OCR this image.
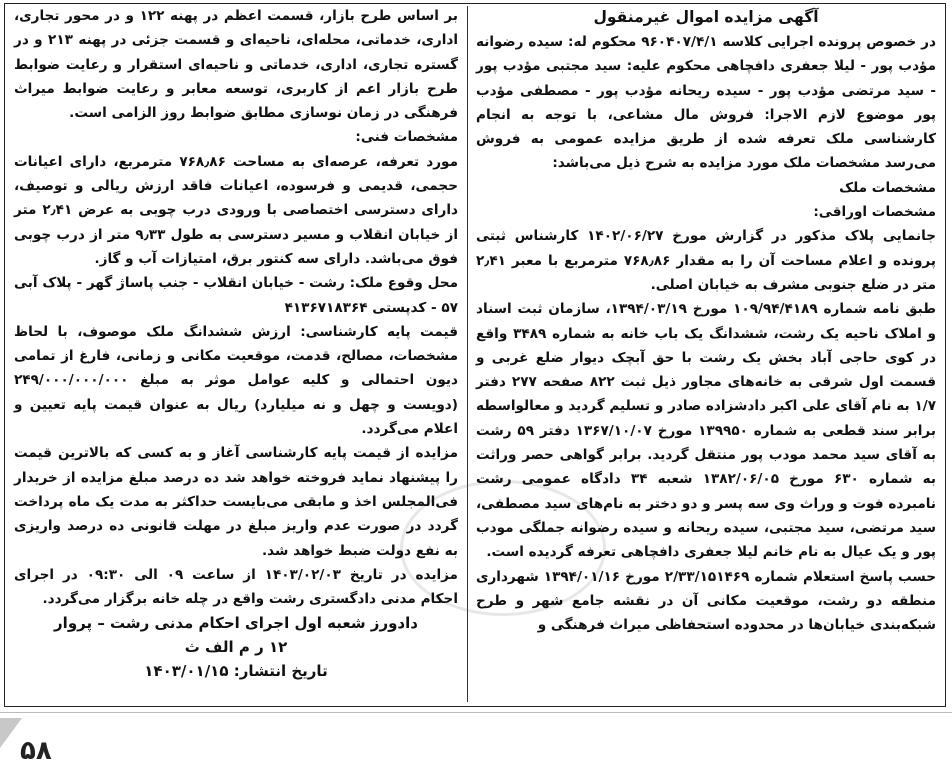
آگهی مزایده اموال غیرمنقول

در خصوص پرونده اجرایی کلاسه ۹۶۰۴۰۷/۴/۱ محکوم له: سیده رضوانه مؤدب پور - لیلا جعفری دافچاهی محکوم علیه: سید مجتبی مؤدب پور - سید مرتضی مؤدب پور - سیده ریحانه مؤدب پور - مصطفی مؤدب پور موضوع لازم الاجرا: فروش مال مشاعی، با توجه به انجام کارشناسی ملک تعرفه شده از طریق مزایده عمومی به فروش می‌رسد مشخصات ملک مورد مزایده به شرح ذیل می‌باشد:

مشخصات ملک

مشخصات اوراقی:

جانمایی پلاک مذکور در گزارش مورخ ۱۴۰۲/۰۶/۲۷ کارشناس ثبتی پرونده و اعلام مساحت آن را به مقدار ۷۶۸٫۸۶ مترمربع با معبر ۲٫۴۱ متر در ضلع جنوبی مشرف به خیابان اصلی.

طبق نامه شماره ۱۰۹/۹۴/۴۱۸۹ مورخ ۱۳۹۴/۰۳/۱۹، سازمان ثبت اسناد و املاک ناحیه یک رشت، ششدانگ یک باب خانه به شماره ۳۴۸۹ واقع در کوی حاجی آباد بخش یک رشت با حق آبچک دیوار ضلع غربی و قسمت اول شرقی به خانه‌های مجاور ذیل ثبت ۸۲۲ صفحه ۲۷۷ دفتر ۱/۷ به نام آقای علی اکبر دادشزاده صادر و تسلیم گردید و معالواسطه برابر سند قطعی به شماره ۱۳۹۹۵۰ مورخ ۱۳۶۷/۱۰/۰۷ دفتر ۵۹ رشت به آقای سید محمد مودب پور منتقل گردید. برابر گواهی حصر وراثت به شماره ۶۳۰ مورخ ۱۳۸۲/۰۶/۰۵ شعبه ۳۴ دادگاه عمومی رشت نامبرده فوت و وراث وی سه پسر و دو دختر به نام‌های سید مصطفی، سید مرتضی، سید مجتبی، سیده ریحانه و سیده رضوانه جملگی مودب پور و یک عیال به نام خانم لیلا جعفری دافچاهی تعرفه گردیده است.

حسب پاسخ استعلام شماره ۲/۳۳/۱۵۱۴۶۹ مورخ ۱۳۹۴/۰۱/۱۶ شهرداری منطقه دو رشت، موقعیت مکانی آن در نقشه جامع شهر و طرح شبکه‌بندی خیابان‌ها در محدوده استحفاظی میراث فرهنگی و

بر اساس طرح بازار، قسمت اعظم در پهنه ۱۲۲ و در محور تجاری، اداری، خدماتی، محله‌ای، ناحیه‌ای و قسمت جزئی در پهنه ۲۱۳ و در گستره تجاری، اداری، خدماتی و ناحیه‌ای استقرار و رعایت ضوابط طرح بازار اعم از کاربری، توسعه معابر و رعایت ضوابط میراث فرهنگی در زمان نوسازی مطابق ضوابط روز الزامی است.

مشخصات فنی:

مورد تعرفه، عرصه‌ای به مساحت ۷۶۸٫۸۶ مترمربع، دارای اعیانات حجمی، قدیمی و فرسوده، اعیانات فاقد ارزش ریالی و توصیف، دارای دسترسی اختصاصی با ورودی درب چوبی به عرض ۲٫۴۱ متر از خیابان انقلاب و مسیر دسترسی به طول ۹٫۳۳ متر از درب چوبی فوق می‌باشد. دارای سه کنتور برق، امتیازات آب و گاز.

محل وقوع ملک: رشت - خیابان انقلاب - جنب پاساژ گهر - پلاک آبی ۵۷ - کدپستی ۴۱۳۶۷۱۸۳۶۴

قیمت پایه کارشناسی: ارزش ششدانگ ملک موصوف، با لحاظ مشخصات، مصالح، قدمت، موقعیت مکانی و زمانی، فارغ از تمامی دیون احتمالی و کلیه عوامل موثر به مبلغ ۲۴۹/۰۰۰/۰۰۰/۰۰۰ (دویست و چهل و نه میلیارد) ریال به عنوان قیمت پایه تعیین و اعلام می‌گردد.

مزایده از قیمت پایه کارشناسی آغاز و به کسی که بالاترین قیمت را پیشنهاد نماید فروخته خواهد شد ده درصد مبلغ مزایده از خریدار فی‌المجلس اخذ و مابقی می‌بایست حداکثر به مدت یک ماه پرداخت گردد در صورت عدم واریز مبلغ در مهلت قانونی ده درصد واریزی به نفع دولت ضبط خواهد شد.

مزایده در تاریخ ۱۴۰۳/۰۲/۰۳ از ساعت ۰۹ الی ۰۹:۳۰ در اجرای احکام مدنی دادگستری رشت واقع در چله خانه برگزار می‌گردد.

دادورز شعبه اول اجرای احکام مدنی رشت – پروار

۱۲ ر م الف ث

تاریخ انتشار: ۱۴۰۳/۰۱/۱۵

۵۸
